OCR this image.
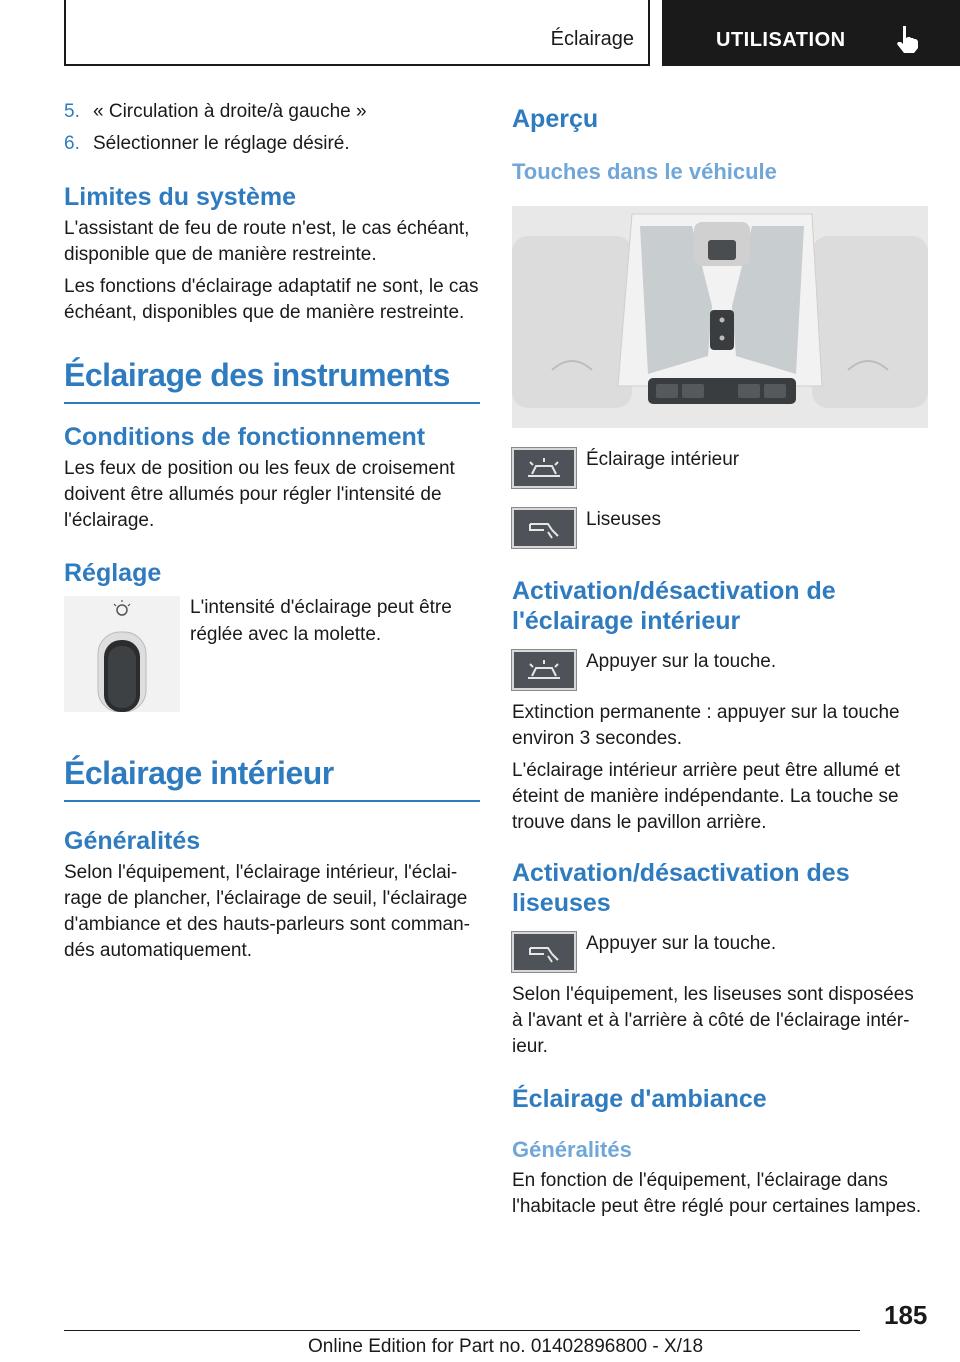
Éclairage	UTILISATION
5. « Circulation à droite/à gauche »
6. Sélectionner le réglage désiré.
Limites du système

L'assistant de feu de route n'est, le cas échéant, disponible que de manière restreinte.

Les fonctions d'éclairage adaptatif ne sont, le cas échéant, disponibles que de manière restreinte.

Éclairage des instruments
Conditions de fonctionnement

Les feux de position ou les feux de croisement doivent être allumés pour régler l'intensité de l'éclairage.

Réglage
L'intensité d'éclairage peut être réglée avec la molette.
Éclairage intérieur
Généralités

Selon l'équipement, l'éclairage intérieur, l'éclai-rage de plancher, l'éclairage de seuil, l'éclairage d'ambiance et des hauts-parleurs sont comman-dés automatiquement.

Aperçu
Touches dans le véhicule
Éclairage intérieur
Liseuses
Activation/désactivation de l'éclairage intérieur
Appuyer sur la touche.

Extinction permanente : appuyer sur la touche environ 3 secondes.

L'éclairage intérieur arrière peut être allumé et éteint de manière indépendante. La touche se trouve dans le pavillon arrière.

Activation/désactivation des liseuses
Appuyer sur la touche.

Selon l'équipement, les liseuses sont disposées à l'avant et à l'arrière à côté de l'éclairage intér-ieur.

Éclairage d'ambiance
Généralités

En fonction de l'équipement, l'éclairage dans l'habitacle peut être réglé pour certaines lampes.

185
Online Edition for Part no. 01402896800 - X/18
